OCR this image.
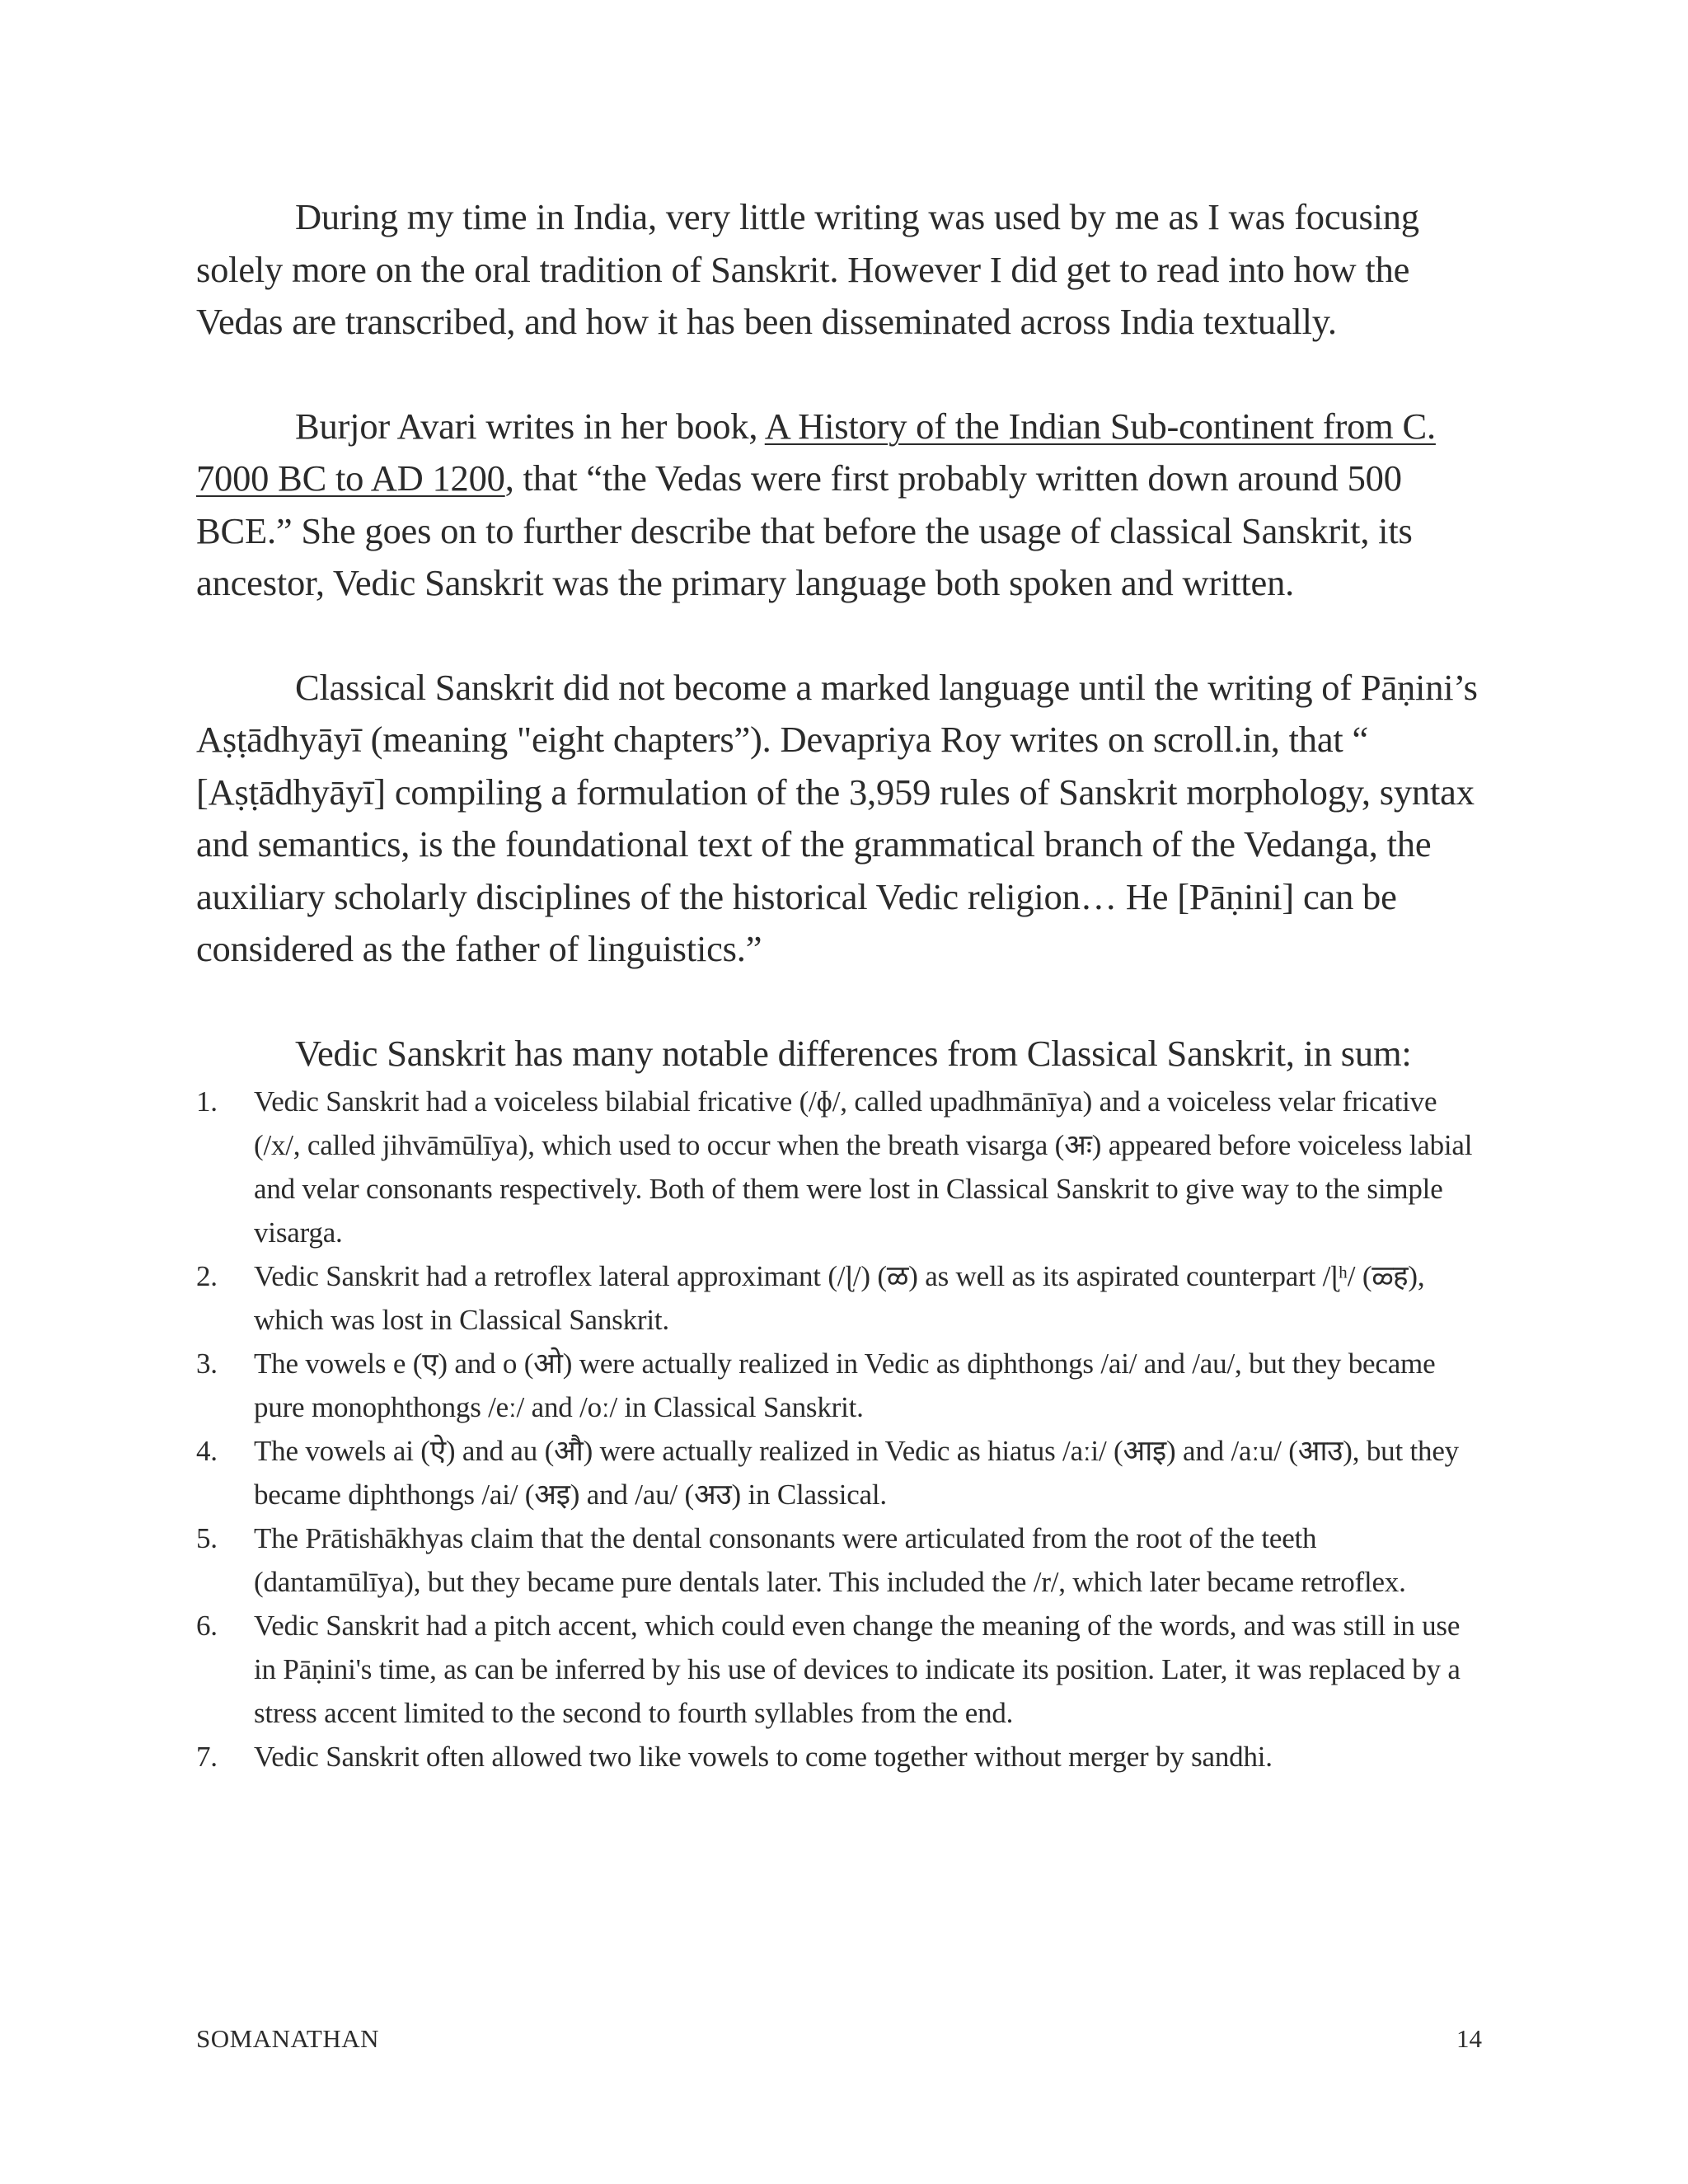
During my time in India, very little writing was used by me as I was focusing solely more on the oral tradition of Sanskrit. However I did get to read into how the Vedas are transcribed, and how it has been disseminated across India textually.

Burjor Avari writes in her book, A History of the Indian Sub-continent from C. 7000 BC to AD 1200, that “the Vedas were first probably written down around 500 BCE.” She goes on to further describe that before the usage of classical Sanskrit, its ancestor, Vedic Sanskrit was the primary language both spoken and written.

Classical Sanskrit did not become a marked language until the writing of Pāṇini’s Aṣṭādhyāyī (meaning "eight chapters”). Devapriya Roy writes on scroll.in, that “ [Aṣṭādhyāyī] compiling a formulation of the 3,959 rules of Sanskrit morphology, syntax and semantics, is the foundational text of the grammatical branch of the Vedanga, the auxiliary scholarly disciplines of the historical Vedic religion… He [Pāṇini] can be considered as the father of linguistics.”

Vedic Sanskrit has many notable differences from Classical Sanskrit, in sum:

1. Vedic Sanskrit had a voiceless bilabial fricative (/ɸ/, called upadhmānīya) and a voiceless velar fricative (/x/, called jihvāmūlīya), which used to occur when the breath visarga (अः) appeared before voiceless labial and velar consonants respectively. Both of them were lost in Classical Sanskrit to give way to the simple visarga.
2. Vedic Sanskrit had a retroflex lateral approximant (/ɭ/) (ळ) as well as its aspirated counterpart /ɭʰ/ (ळ्ह), which was lost in Classical Sanskrit.
3. The vowels e (ए) and o (ओ) were actually realized in Vedic as diphthongs /ai/ and /au/, but they became pure monophthongs /eː/ and /oː/ in Classical Sanskrit.
4. The vowels ai (ऐ) and au (औ) were actually realized in Vedic as hiatus /aːi/ (आइ) and /aːu/ (आउ), but they became diphthongs /ai/ (अइ) and /au/ (अउ) in Classical.
5. The Prātishākhyas claim that the dental consonants were articulated from the root of the teeth (dantamūlīya), but they became pure dentals later. This included the /r/, which later became retroflex.
6. Vedic Sanskrit had a pitch accent, which could even change the meaning of the words, and was still in use in Pāṇini's time, as can be inferred by his use of devices to indicate its position. Later, it was replaced by a stress accent limited to the second to fourth syllables from the end.
7. Vedic Sanskrit often allowed two like vowels to come together without merger by sandhi.
SOMANATHAN	14
